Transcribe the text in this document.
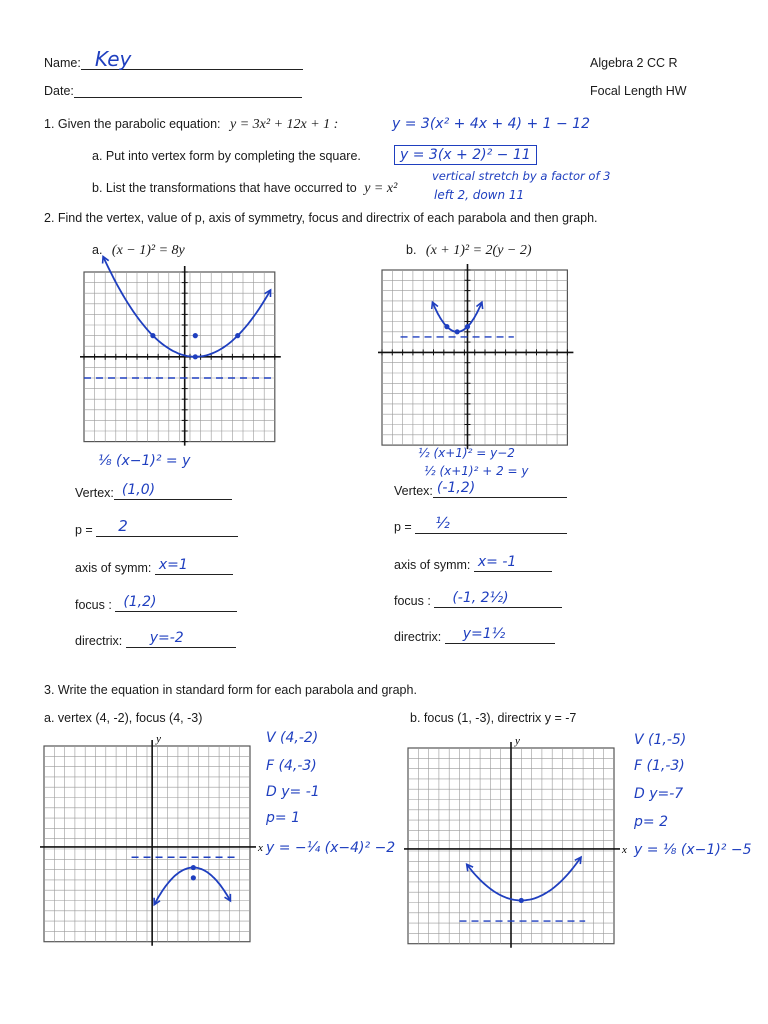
Name: Key	Algebra 2 CC R
Date:	Focal Length HW
1. Given the parabolic equation: y = 3x² + 12x + 1 :	y = 3(x² + 4x + 4) + 1 − 12
a. Put into vertex form by completing the square.	y = 3(x + 2)² − 11
b. List the transformations that have occurred to y = x²
vertical stretch by a factor of 3
left 2, down 11
2. Find the vertex, value of p, axis of symmetry, focus and directrix of each parabola and then graph.
a. (x − 1)² = 8y	b. (x + 1)² = 2(y − 2)
⅛ (x−1)² = y	½ (x+1)² = y−2
½ (x+1)² + 2 = y
Vertex: (1,0)
p = 2
axis of symm: x=1
focus : (1,2)
directrix: y=-2
Vertex: (-1,2)
p = ½
axis of symm: x= -1
focus : (-1, 2½)
directrix: y=1½
3. Write the equation in standard form for each parabola and graph.
a. vertex (4, -2), focus (4, -3)	b. focus (1, -3), directrix y = -7
x
y
x
y
V (4,-2)
F (4,-3)
D y= -1
p= 1
y = −¼ (x−4)² −2
V (1,-5)
F (1,-3)
D y=-7
p= 2
y = ⅛ (x−1)² −5
